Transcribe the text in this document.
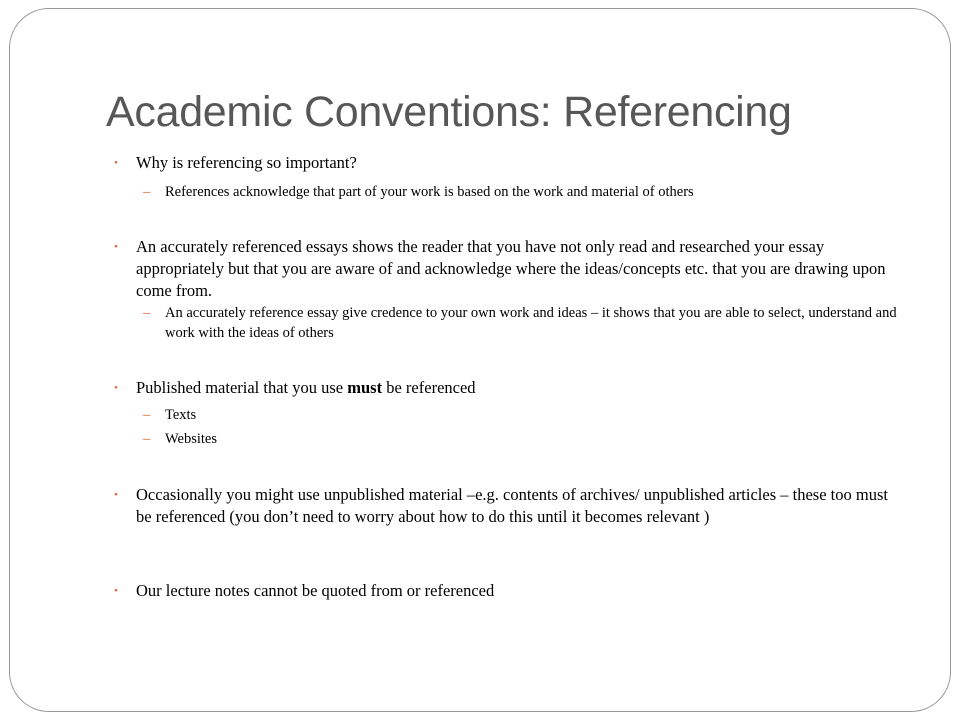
Academic Conventions: Referencing
• Why is referencing so important?
– References acknowledge that part of your work is based on the work and material of others
• An accurately referenced essays shows the reader that you have not only read and researched your essay appropriately but that you are aware of and acknowledge where the ideas/concepts etc. that you are drawing upon come from.
– An accurately reference essay give credence to your own work and ideas – it shows that you are able to select, understand and work with the ideas of others
• Published material that you use must be referenced
– Texts
– Websites
• Occasionally you might use unpublished material –e.g. contents of archives/ unpublished articles – these too must be referenced (you don’t need to worry about how to do this until it becomes relevant )
• Our lecture notes cannot be quoted from or referenced
